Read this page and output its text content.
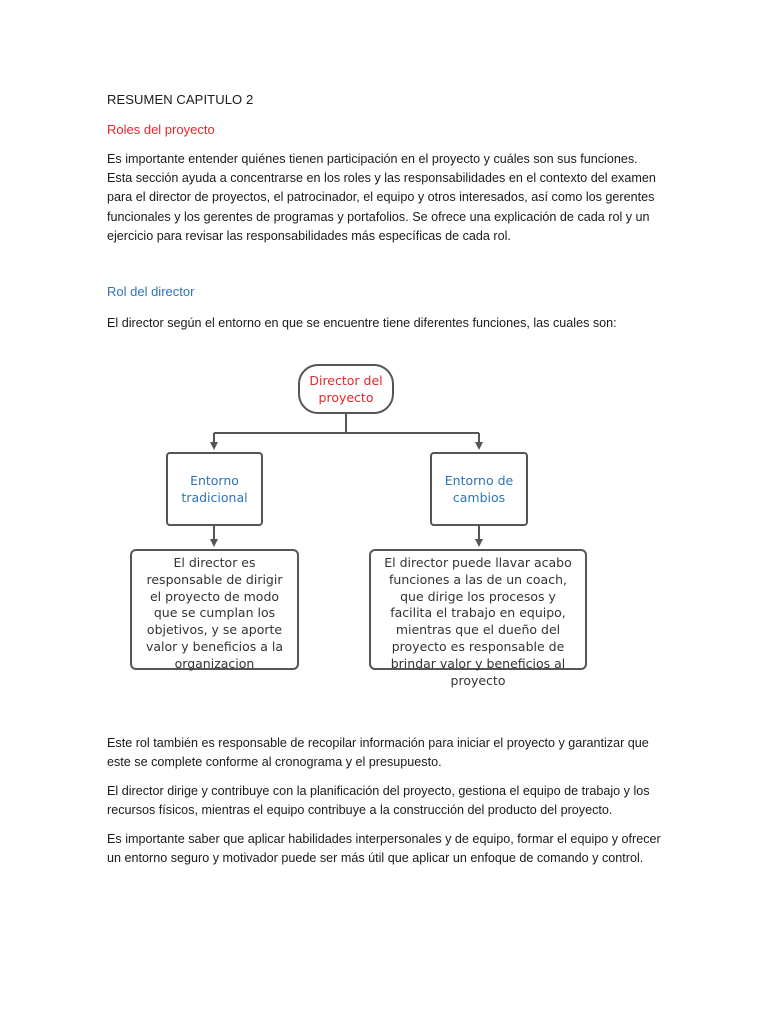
RESUMEN CAPITULO 2
Roles del proyecto

Es importante entender quiénes tienen participación en el proyecto y cuáles son sus funciones. Esta sección ayuda a concentrarse en los roles y las responsabilidades en el contexto del examen para el director de proyectos, el patrocinador, el equipo y otros interesados, así como los gerentes funcionales y los gerentes de programas y portafolios. Se ofrece una explicación de cada rol y un ejercicio para revisar las responsabilidades más específicas de cada rol.

Rol del director

El director según el entorno en que se encuentre tiene diferentes funciones, las cuales son:

Este rol también es responsable de recopilar información para iniciar el proyecto y garantizar que este se complete conforme al cronograma y el presupuesto.

El director dirige y contribuye con la planificación del proyecto, gestiona el equipo de trabajo y los recursos físicos, mientras el equipo contribuye a la construcción del producto del proyecto.

Es importante saber que aplicar habilidades interpersonales y de equipo, formar el equipo y ofrecer un entorno seguro y motivador puede ser más útil que aplicar un enfoque de comando y control.

Director del proyecto
Entorno tradicional
Entorno de cambios
El director es responsable de dirigir el proyecto de modo que se cumplan los objetivos, y se aporte valor y beneficios a la organizacion
El director puede llavar acabo funciones a las de un coach, que dirige los procesos y facilita el trabajo en equipo, mientras que el dueño del proyecto es responsable de brindar valor y beneficios al proyecto
